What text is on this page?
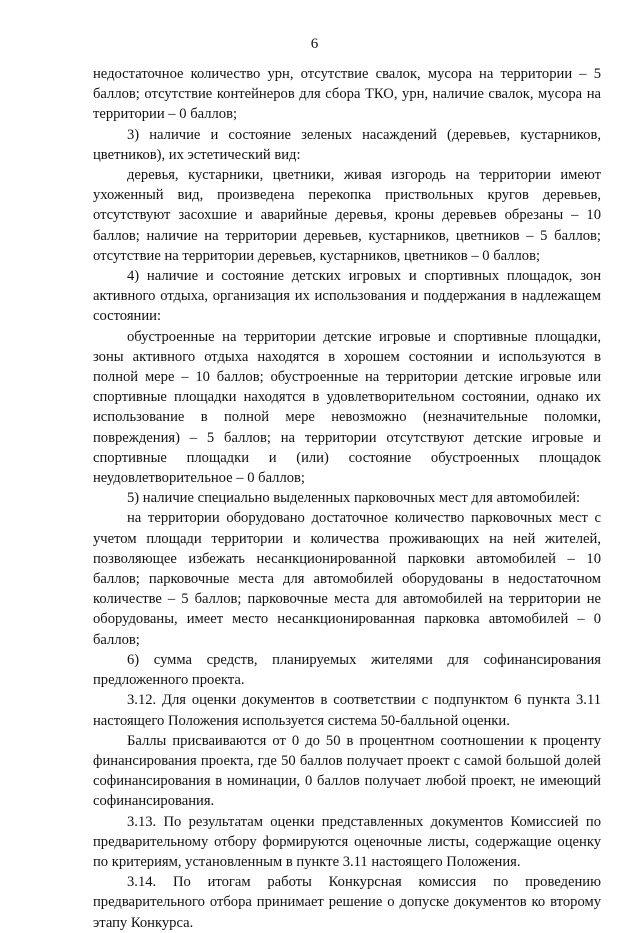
6

недостаточное количество урн, отсутствие свалок, мусора на территории – 5 баллов; отсутствие контейнеров для сбора ТКО, урн, наличие свалок, мусора на территории – 0 баллов;

3) наличие и состояние зеленых насаждений (деревьев, кустарников, цветников), их эстетический вид:

деревья, кустарники, цветники, живая изгородь на территории имеют ухоженный вид, произведена перекопка приствольных кругов деревьев, отсутствуют засохшие и аварийные деревья, кроны деревьев обрезаны – 10 баллов; наличие на территории деревьев, кустарников, цветников – 5 баллов; отсутствие на территории деревьев, кустарников, цветников – 0 баллов;

4) наличие и состояние детских игровых и спортивных площадок, зон активного отдыха, организация их использования и поддержания в надлежащем состоянии:

обустроенные на территории детские игровые и спортивные площадки, зоны активного отдыха находятся в хорошем состоянии и используются в полной мере – 10 баллов; обустроенные на территории детские игровые или спортивные площадки находятся в удовлетворительном состоянии, однако их использование в полной мере невозможно (незначительные поломки, повреждения) – 5 баллов; на территории отсутствуют детские игровые и спортивные площадки и (или) состояние обустроенных площадок неудовлетворительное – 0 баллов;

5) наличие специально выделенных парковочных мест для автомобилей:

на территории оборудовано достаточное количество парковочных мест с учетом площади территории и количества проживающих на ней жителей, позволяющее избежать несанкционированной парковки автомобилей – 10 баллов; парковочные места для автомобилей оборудованы в недостаточном количестве – 5 баллов; парковочные места для автомобилей на территории не оборудованы, имеет место несанкционированная парковка автомобилей – 0 баллов;

6) сумма средств, планируемых жителями для софинансирования предложенного проекта.

3.12. Для оценки документов в соответствии с подпунктом 6 пункта 3.11 настоящего Положения используется система 50-балльной оценки.

Баллы присваиваются от 0 до 50 в процентном соотношении к проценту финансирования проекта, где 50 баллов получает проект с самой большой долей софинансирования в номинации, 0 баллов получает любой проект, не имеющий софинансирования.

3.13. По результатам оценки представленных документов Комиссией по предварительному отбору формируются оценочные листы, содержащие оценку по критериям, установленным в пункте 3.11 настоящего Положения.

3.14. По итогам работы Конкурсная комиссия по проведению предварительного отбора принимает решение о допуске документов ко второму этапу Конкурса.
